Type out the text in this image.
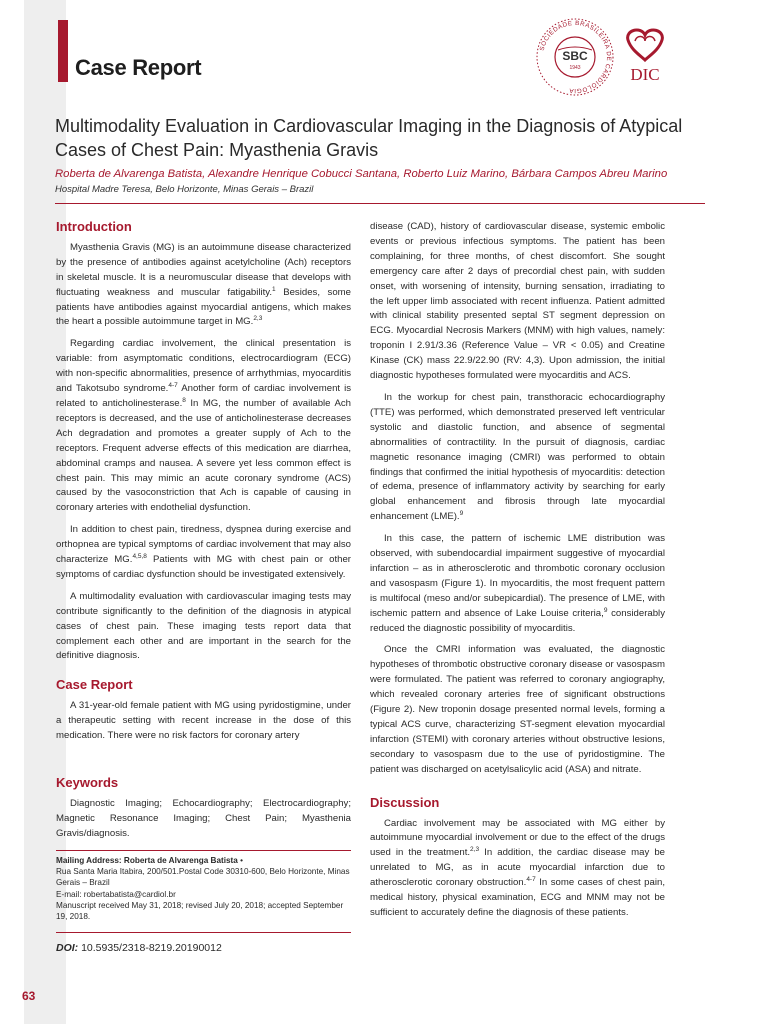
Case Report
SOCIEDADE BRASILEIRA DE CARDIOLOGIA
SBC
1943	DIC
Multimodality Evaluation in Cardiovascular Imaging in the Diagnosis of Atypical Cases of Chest Pain: Myasthenia Gravis
Roberta de Alvarenga Batista, Alexandre Henrique Cobucci Santana, Roberto Luiz Marino, Bárbara Campos Abreu Marino
Hospital Madre Teresa, Belo Horizonte, Minas Gerais – Brazil
Introduction

Myasthenia Gravis (MG) is an autoimmune disease characterized by the presence of antibodies against acetylcholine (Ach) receptors in skeletal muscle. It is a neuromuscular disease that develops with fluctuating weakness and muscular fatigability.$^1$ Besides, some patients have antibodies against myocardial antigens, which makes the heart a possible autoimmune target in MG.$^{2,3}$

Regarding cardiac involvement, the clinical presentation is variable: from asymptomatic conditions, electrocardiogram (ECG) with non-specific abnormalities, presence of arrhythmias, myocarditis and Takotsubo syndrome.$^{4-7}$ Another form of cardiac involvement is related to anticholinesterase.$^8$ In MG, the number of available Ach receptors is decreased, and the use of anticholinesterase decreases Ach degradation and promotes a greater supply of Ach to the receptors. Frequent adverse effects of this medication are diarrhea, abdominal cramps and nausea. A severe yet less common effect is chest pain. This may mimic an acute coronary syndrome (ACS) caused by the vasoconstriction that Ach is capable of causing in coronary arteries with endothelial dysfunction.

In addition to chest pain, tiredness, dyspnea during exercise and orthopnea are typical symptoms of cardiac involvement that may also characterize MG.$^{4,5,8}$ Patients with MG with chest pain or other symptoms of cardiac dysfunction should be investigated extensively.

A multimodality evaluation with cardiovascular imaging tests may contribute significantly to the definition of the diagnosis in atypical cases of chest pain. These imaging tests report data that complement each other and are important in the search for the definitive diagnosis.

Case Report

A 31-year-old female patient with MG using pyridostigmine, under a therapeutic setting with recent increase in the dose of this medication. There were no risk factors for coronary artery

Keywords

Diagnostic Imaging; Echocardiography; Electrocardiography; Magnetic Resonance Imaging; Chest Pain; Myasthenia Gravis/diagnosis.

Mailing Address: Roberta de Alvarenga Batista •
Rua Santa Maria Itabira, 200/501.Postal Code 30310-600, Belo Horizonte, Minas Gerais – Brazil
E-mail: robertabatista@cardiol.br
Manuscript received May 31, 2018; revised July 20, 2018; accepted September 19, 2018.
DOI: 10.5935/2318-8219.20190012

disease (CAD), history of cardiovascular disease, systemic embolic events or previous infectious symptoms. The patient has been complaining, for three months, of chest discomfort. She sought emergency care after 2 days of precordial chest pain, with sudden onset, with worsening of intensity, burning sensation, irradiating to the left upper limb associated with recent influenza. Patient admitted with clinical stability presented septal ST segment depression on ECG. Myocardial Necrosis Markers (MNM) with high values, namely: troponin I 2.91/3.36 (Reference Value – VR < 0.05) and Creatine Kinase (CK) mass 22.9/22.90 (RV: 4,3). Upon admission, the initial diagnostic hypotheses formulated were myocarditis and ACS.

In the workup for chest pain, transthoracic echocardiography (TTE) was performed, which demonstrated preserved left ventricular systolic and diastolic function, and absence of segmental abnormalities of contractility. In the pursuit of diagnosis, cardiac magnetic resonance imaging (CMRI) was performed to obtain findings that confirmed the initial hypothesis of myocarditis: detection of edema, presence of inflammatory activity by searching for early global enhancement and fibrosis through late myocardial enhancement (LME).$^9$

In this case, the pattern of ischemic LME distribution was observed, with subendocardial impairment suggestive of myocardial infarction – as in atherosclerotic and thrombotic coronary occlusion and vasospasm (Figure 1). In myocarditis, the most frequent pattern is multifocal (meso and/or subepicardial). The presence of LME, with ischemic pattern and absence of Lake Louise criteria,$^9$ considerably reduced the diagnostic possibility of myocarditis.

Once the CMRI information was evaluated, the diagnostic hypotheses of thrombotic obstructive coronary disease or vasospasm were formulated. The patient was referred to coronary angiography, which revealed coronary arteries free of significant obstructions (Figure 2). New troponin dosage presented normal levels, forming a typical ACS curve, characterizing ST-segment elevation myocardial infarction (STEMI) with coronary arteries without obstructive lesions, secondary to vasospasm due to the use of pyridostigmine. The patient was discharged on acetylsalicylic acid (ASA) and nitrate.

Discussion

Cardiac involvement may be associated with MG either by autoimmune myocardial involvement or due to the effect of the drugs used in the treatment.$^{2,3}$ In addition, the cardiac disease may be unrelated to MG, as in acute myocardial infarction due to atherosclerotic coronary obstruction.$^{4-7}$ In some cases of chest pain, medical history, physical examination, ECG and MNM may not be sufficient to accurately define the diagnosis of these patients.

63
